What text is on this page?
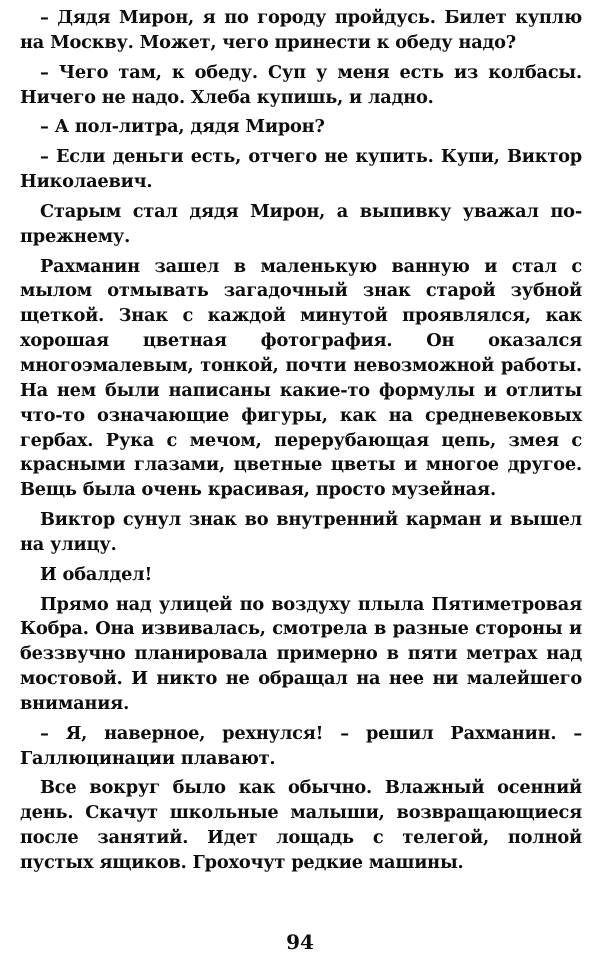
– Дядя Мирон, я по городу пройдусь. Билет куплю на Москву. Может, чего принести к обеду надо?

– Чего там, к обеду. Суп у меня есть из колбасы. Ничего не надо. Хлеба купишь, и ладно.

– А пол-литра, дядя Мирон?

– Если деньги есть, отчего не купить. Купи, Виктор Николаевич.

Старым стал дядя Мирон, а выпивку уважал по-прежнему.

Рахманин зашел в маленькую ванную и стал с мылом отмывать загадочный знак старой зубной щеткой. Знак с каждой минутой проявлялся, как хорошая цветная фотография. Он оказался многоэмалевым, тонкой, почти невозможной работы. На нем были написаны какие-то формулы и отлиты что-то означающие фигуры, как на средневековых гербах. Рука с мечом, перерубающая цепь, змея с красными глазами, цветные цветы и многое другое. Вещь была очень красивая, просто музейная.

Виктор сунул знак во внутренний карман и вышел на улицу.

И обалдел!

Прямо над улицей по воздуху плыла Пятиметровая Кобра. Она извивалась, смотрела в разные стороны и беззвучно планировала примерно в пяти метрах над мостовой. И никто не обращал на нее ни малейшего внимания.

– Я, наверное, рехнулся! – решил Рахманин. – Галлюцинации плавают.

Все вокруг было как обычно. Влажный осенний день. Скачут школьные малыши, возвращающиеся после занятий. Идет лощадь с телегой, полной пустых ящиков. Грохочут редкие машины.

94
